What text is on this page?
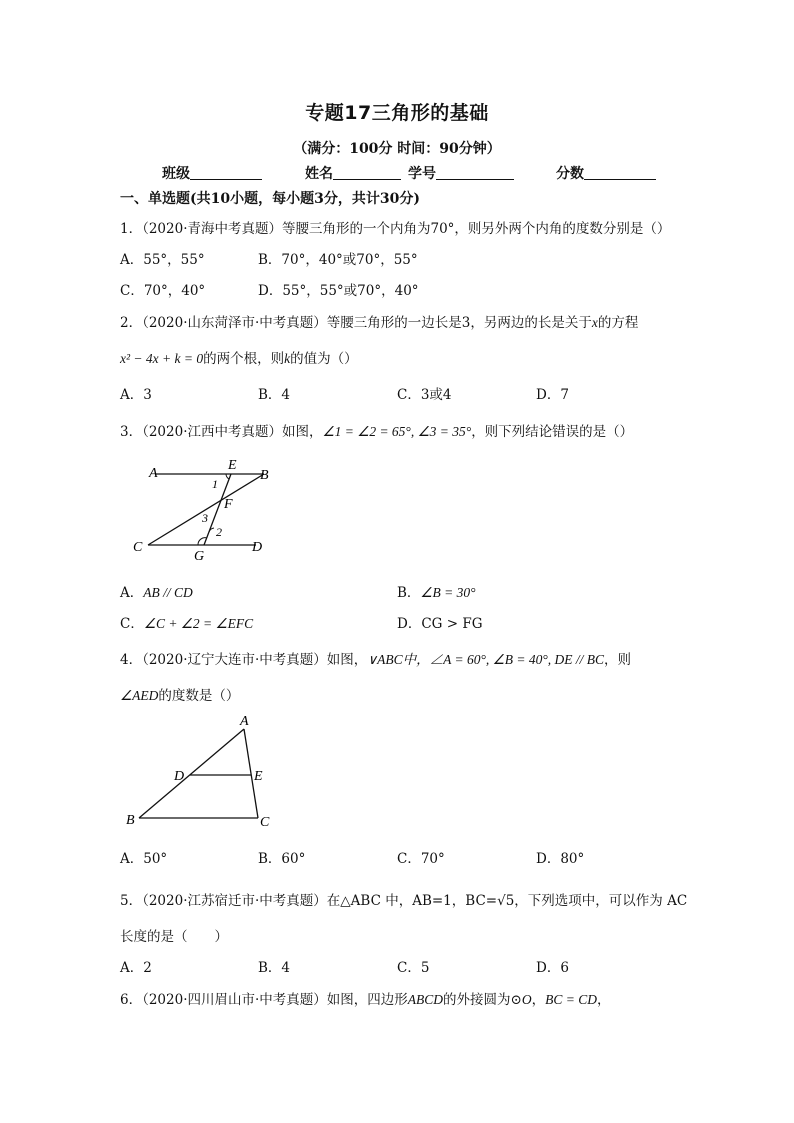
专题17三角形的基础
（满分：100分 时间：90分钟）
班级	姓名	学号	分数
一、单选题(共10小题，每小题3分，共计30分)
1．（2020·青海中考真题）等腰三角形的一个内角为70°，则另外两个内角的度数分别是（）
A．55°，55°	B．70°，40°或70°，55°
C．70°，40°	D．55°，55°或70°，40°
2．（2020·山东菏泽市·中考真题）等腰三角形的一边长是3，另两边的长是关于x的方程
x² − 4x + k = 0的两个根，则k的值为（）
A．3	B．4	C．3或4	D．7
3．（2020·江西中考真题）如图，∠1 = ∠2 = 65°, ∠3 = 35°，则下列结论错误的是（）
A
E
B
F
C
G
D
1
2
3
A．AB // CD	B．∠B = 30°
C．∠C + ∠2 = ∠EFC	D．CG > FG
4．（2020·辽宁大连市·中考真题）如图，∨ABC中，∠A = 60°, ∠B = 40°, DE // BC，则
∠AED的度数是（）
A
D	E
B	C
A．50°	B．60°	C．70°	D．80°
5．（2020·江苏宿迁市·中考真题）在△ABC 中，AB=1，BC=√5，下列选项中，可以作为 AC
长度的是（　　）
A．2	B．4	C．5	D．6
6．（2020·四川眉山市·中考真题）如图，四边形ABCD的外接圆为⊙O，BC = CD，
